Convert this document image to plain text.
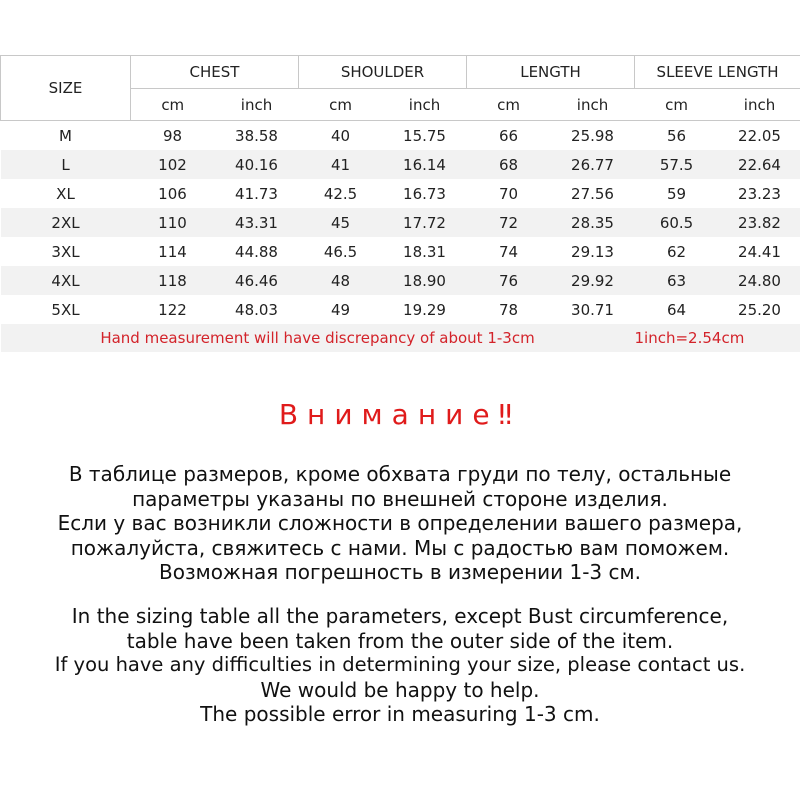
SIZE	CHEST		SHOULDER		LENGTH		SLEEVE LENGTH	
	cm	inch	cm	inch	cm	inch	cm	inch
M	98	38.58	40	15.75	66	25.98	56	22.05
L	102	40.16	41	16.14	68	26.77	57.5	22.64
XL	106	41.73	42.5	16.73	70	27.56	59	23.23
2XL	110	43.31	45	17.72	72	28.35	60.5	23.82
3XL	114	44.88	46.5	18.31	74	29.13	62	24.41
4XL	118	46.46	48	18.90	76	29.92	63	24.80
5XL	122	48.03	49	19.29	78	30.71	64	25.20
Hand measurement will have discrepancy of about 1-3cm							1inch=2.54cm	
Внимание‼
В таблице размеров, кроме обхвата груди по телу, остальные
параметры указаны по внешней стороне изделия.
Если у вас возникли сложности в определении вашего размера,
пожалуйста, свяжитесь с нами. Мы с радостью вам поможем.
Возможная погрешность в измерении 1-3 см.
In the sizing table all the parameters, except Bust circumference,
table have been taken from the outer side of the item.
If you have any difficulties in determining your size, please contact us.
We would be happy to help.
The possible error in measuring 1-3 cm.
